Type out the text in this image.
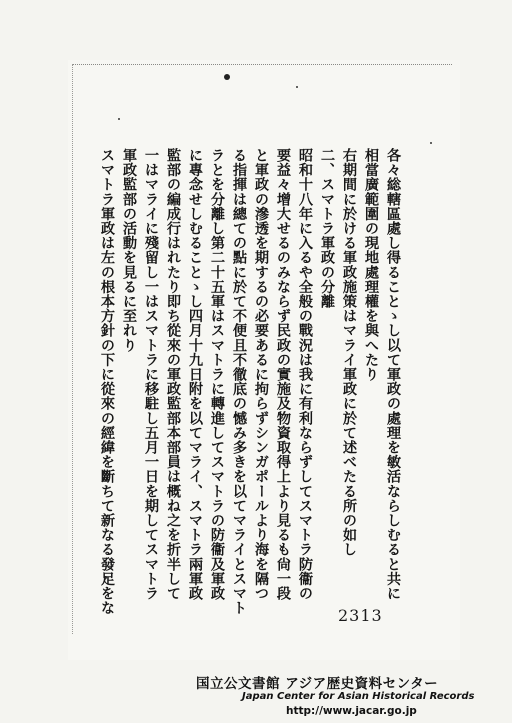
各々総轄區處し得ることゝし以て軍政の處理を敏活ならしむると共に
相當廣範圍の現地處理權を與へたり
右期間に於ける軍政施策はマライ軍政に於て述べたる所の如し
二、スマトラ軍政の分離
昭和十八年に入るや全般の戰況は我に有利ならずしてスマトラ防衞の
要益々增大せるのみならず民政の實施及物資取得上より見るも尙一段
と軍政の滲透を期するの必要あるに拘らずシンガポールより海を隔つ
る指揮は總ての點に於て不便且不徹底の憾み多きを以てマライとスマト
ラとを分離し第二十五軍はスマトラに轉進してスマトラの防衞及軍政
に專念せしむることゝし四月十九日附を以てマライ、スマトラ兩軍政
監部の編成行はれたり即ち從來の軍政監部本部員は概ね之を折半して
一はマライに殘留し一はスマトラに移駐し五月一日を期してスマトラ
軍政監部の活動を見るに至れり
スマトラ軍政は左の根本方針の下に從來の經緯を斷ちて新なる發足をな
2313
国立公文書館 アジア歴史資料センター
Japan Center for Asian Historical Records
http://www.jacar.go.jp
